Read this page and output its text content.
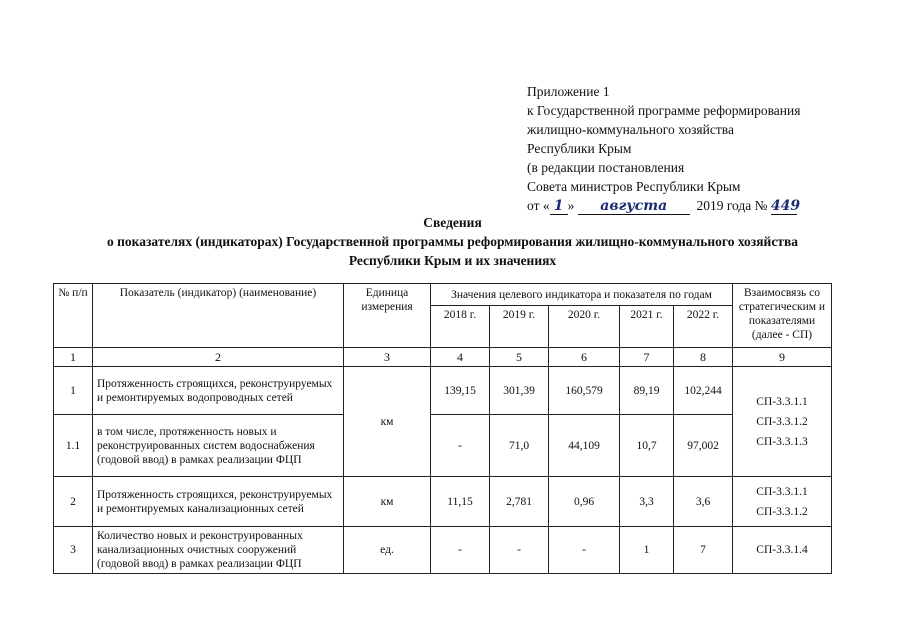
Приложение 1
к Государственной программе реформирования
жилищно-коммунального хозяйства
Республики Крым
(в редакции постановления
Совета министров Республики Крым
от « 1 » августа 2019 года № 449
Сведения
о показателях (индикаторах) Государственной программы реформирования жилищно-коммунального хозяйства
Республики Крым и их значениях
№ п/п	Показатель (индикатор) (наименование)	Единица измерения	Значения целевого индикатора и показателя по годам					Взаимосвязь со стратегическим и показателями (далее - СП)
			2018 г.	2019 г.	2020 г.	2021 г.	2022 г.	
1	2	3	4	5	6	7	8	9
1	Протяженность строящихся, реконструируемых и ремонтируемых водопроводных сетей	км	139,15	301,39	160,579	89,19	102,244	СП-3.3.1.1
СП-3.3.1.2
СП-3.3.1.3

1.1	в том числе, протяженность новых и реконструированных систем водоснабжения (годовой ввод) в рамках реализации ФЦП		-	71,0	44,109	10,7	97,002	
2	Протяженность строящихся, реконструируемых и ремонтируемых канализационных сетей	км	11,15	2,781	0,96	3,3	3,6	СП-3.3.1.1
СП-3.3.1.2

3	Количество новых и реконструированных канализационных очистных сооружений (годовой ввод) в рамках реализации ФЦП	ед.	-	-	-	1	7	СП-3.3.1.4
